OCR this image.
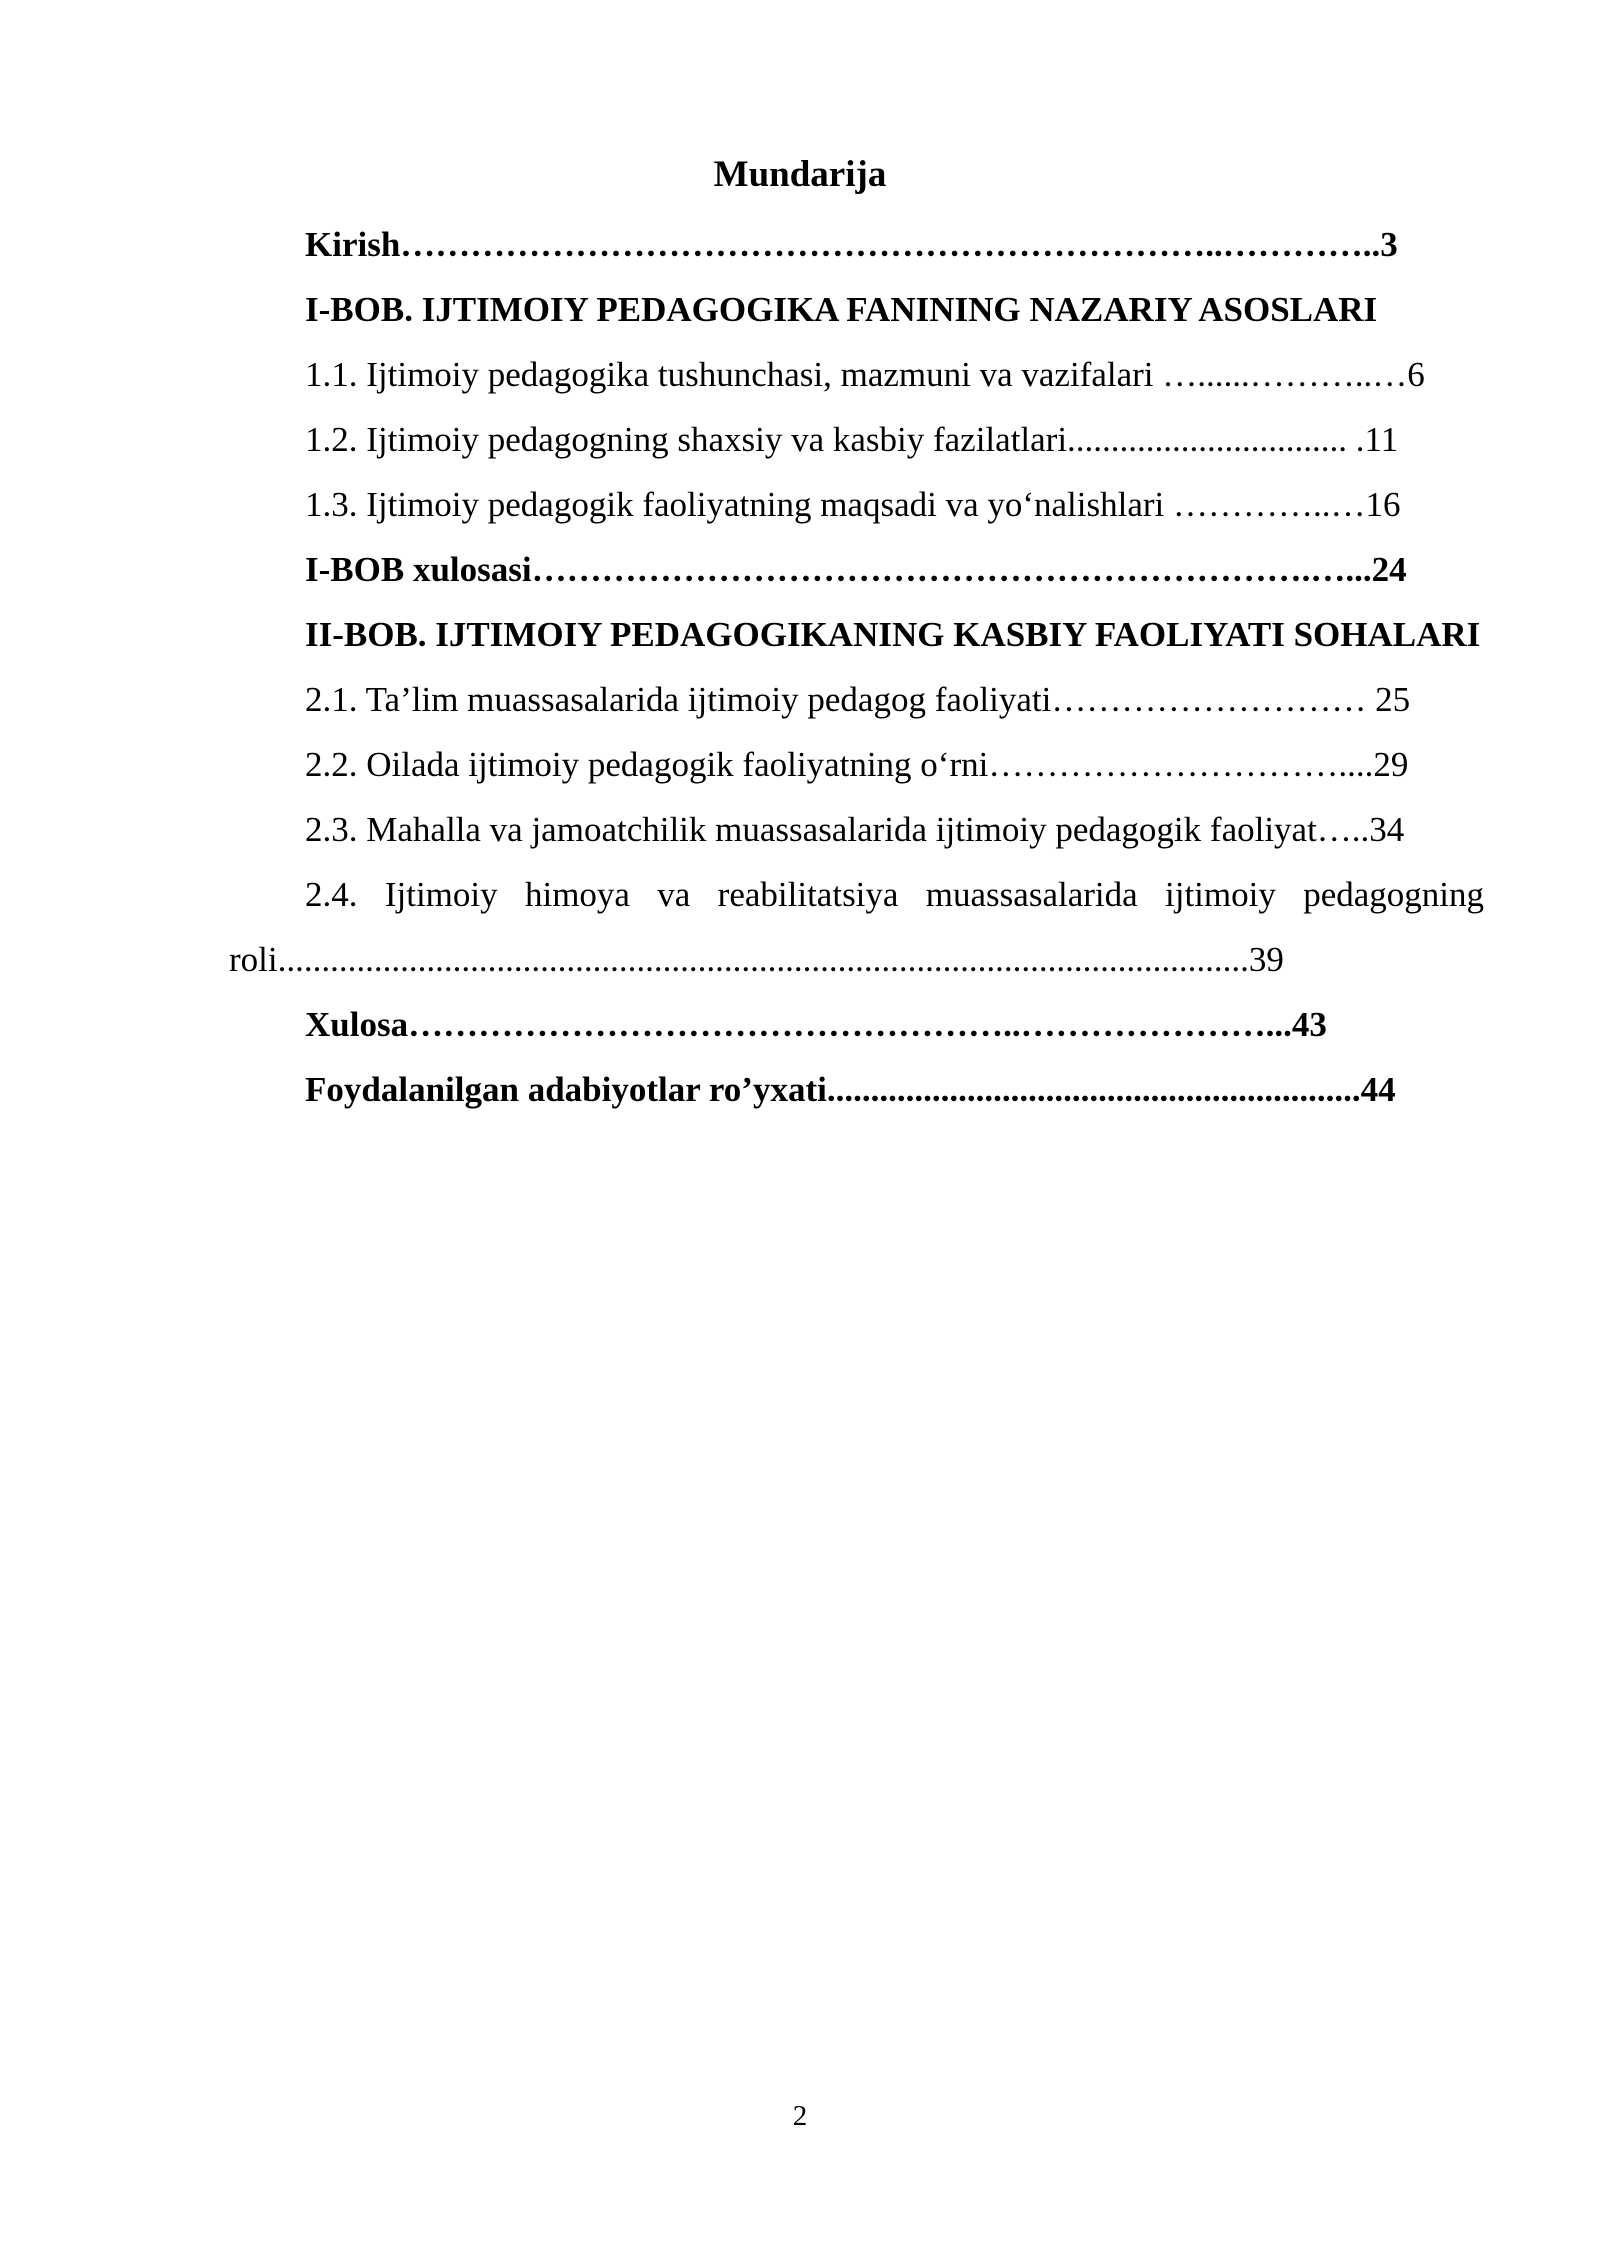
Mundarija
Kirish……………………………………………………………..…………..3
I-BOB. IJTIMOIY PEDAGOGIKA FANINING NAZARIY ASOSLARI
1.1. Ijtimoiy pedagogika tushunchasi, mazmuni va vazifalari …......………..…6
1.2. Ijtimoiy pedagogning shaxsiy va kasbiy fazilatlari................................ .11
1.3. Ijtimoiy pedagogik faoliyatning maqsadi va yo‘nalishlari …………..…16
I-BOB xulosasi………………………………………………………….…...24
II-BOB. IJTIMOIY PEDAGOGIKANING KASBIY FAOLIYATI SOHALARI
2.1. Ta’lim muassasalarida ijtimoiy pedagog faoliyati……………………… 25
2.2. Oilada ijtimoiy pedagogik faoliyatning o‘rni…………………………....29
2.3. Mahalla va jamoatchilik muassasalarida ijtimoiy pedagogik faoliyat…..34
2.4. Ijtimoiy himoya va reabilitatsiya muassasalarida ijtimoiy pedagogning roli...............................................................................................................39
Xulosa……………………………………………..…………………...43
Foydalanilgan adabiyotlar ro’yxati.............................................................44
2
